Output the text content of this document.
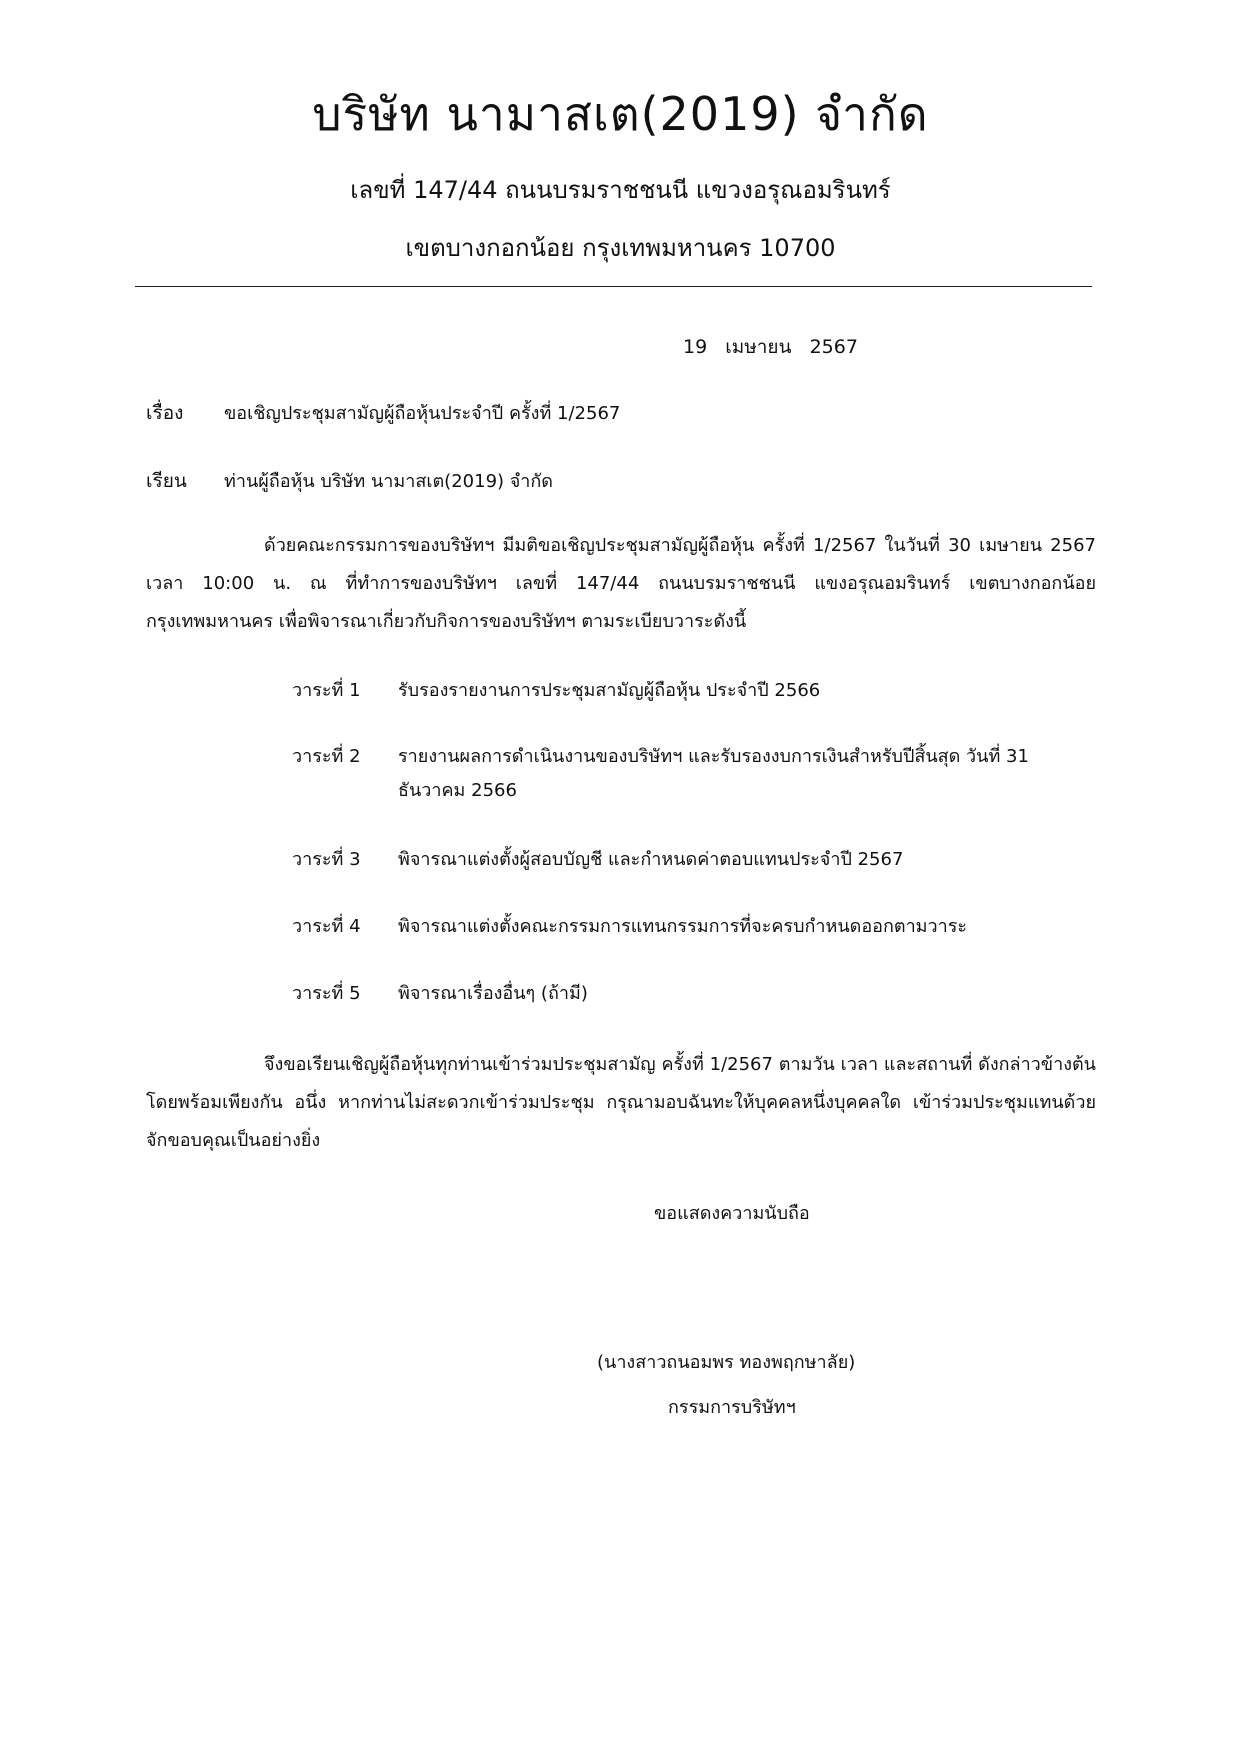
บริษัท นามาสเต(2019) จำกัด
เลขที่ 147/44 ถนนบรมราชชนนี แขวงอรุณอมรินทร์
เขตบางกอกน้อย กรุงเทพมหานคร 10700
19 เมษายน 2567
เรื่อง ขอเชิญประชุมสามัญผู้ถือหุ้นประจำปี ครั้งที่ 1/2567
เรียน ท่านผู้ถือหุ้น บริษัท นามาสเต(2019) จำกัด
ด้วยคณะกรรมการของบริษัทฯ มีมติขอเชิญประชุมสามัญผู้ถือหุ้น ครั้งที่ 1/2567 ในวันที่ 30 เมษายน 2567 เวลา 10:00 น. ณ ที่ทำการของบริษัทฯ เลขที่ 147/44 ถนนบรมราชชนนี แขงอรุณอมรินทร์ เขตบางกอกน้อย กรุงเทพมหานคร เพื่อพิจารณาเกี่ยวกับกิจการของบริษัทฯ ตามระเบียบวาระดังนี้
วาระที่ 1	รับรองรายงานการประชุมสามัญผู้ถือหุ้น ประจำปี 2566
วาระที่ 2	รายงานผลการดำเนินงานของบริษัทฯ และรับรองงบการเงินสำหรับปีสิ้นสุด วันที่ 31 ธันวาคม 2566
วาระที่ 3	พิจารณาแต่งตั้งผู้สอบบัญชี และกำหนดค่าตอบแทนประจำปี 2567
วาระที่ 4	พิจารณาแต่งตั้งคณะกรรมการแทนกรรมการที่จะครบกำหนดออกตามวาระ
วาระที่ 5	พิจารณาเรื่องอื่นๆ (ถ้ามี)
จึงขอเรียนเชิญผู้ถือหุ้นทุกท่านเข้าร่วมประชุมสามัญ ครั้งที่ 1/2567 ตามวัน เวลา และสถานที่ ดังกล่าวข้างต้น โดยพร้อมเพียงกัน อนึ่ง หากท่านไม่สะดวกเข้าร่วมประชุม กรุณามอบฉันทะให้บุคคลหนึ่งบุคคลใด เข้าร่วมประชุมแทนด้วย จักขอบคุณเป็นอย่างยิ่ง
ขอแสดงความนับถือ
(นางสาวถนอมพร ทองพฤกษาลัย)
กรรมการบริษัทฯ
